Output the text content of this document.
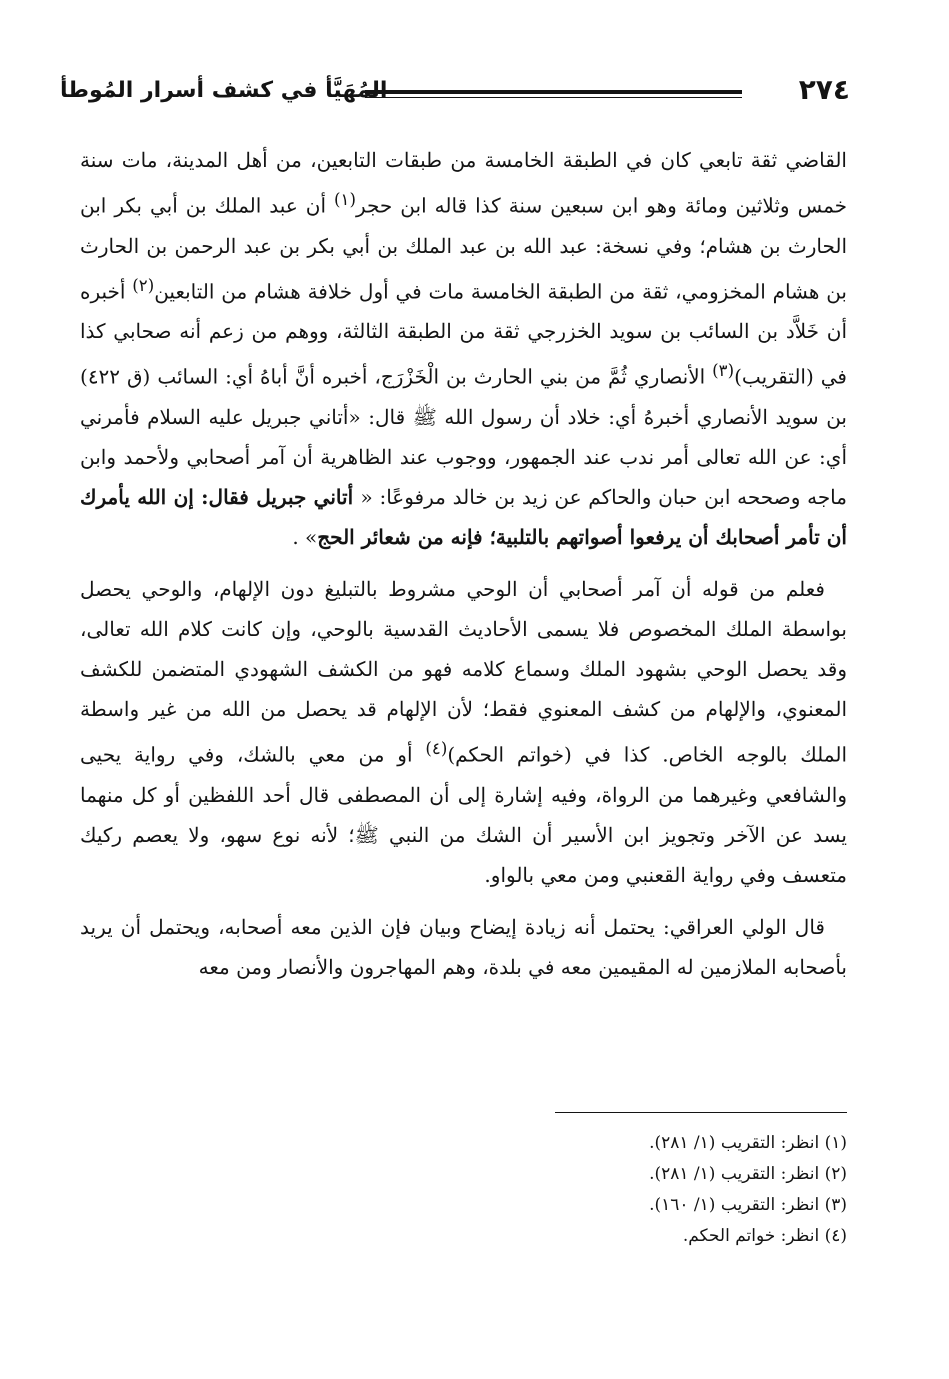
المُهَيَّأ في كشف أسرار المُوطأ	٢٧٤

القاضي ثقة تابعي كان في الطبقة الخامسة من طبقات التابعين، من أهل المدينة، مات سنة خمس وثلاثين ومائة وهو ابن سبعين سنة كذا قاله ابن حجر$^{(١)}$ أن عبد الملك بن أبي بكر ابن الحارث بن هشام؛ وفي نسخة: عبد الله بن عبد الملك بن أبي بكر بن عبد الرحمن بن الحارث بن هشام المخزومي، ثقة من الطبقة الخامسة مات في أول خلافة هشام من التابعين$^{(٢)}$ أخبره أن خَلاَّد بن السائب بن سويد الخزرجي ثقة من الطبقة الثالثة، ووهم من زعم أنه صحابي كذا في (التقريب)$^{(٣)}$ الأنصاري ثُمَّ من بني الحارث بن الْخَزْرَج، أخبره أنَّ أباهُ أي: السائب (ق ٤٢٢) بن سويد الأنصاري أخبرهُ أي: خلاد أن رسول الله ﷺ قال: «أتاني جبريل عليه السلام فأمرني أي: عن الله تعالى أمر ندب عند الجمهور، ووجوب عند الظاهرية أن آمر أصحابي ولأحمد وابن ماجه وصححه ابن حبان والحاكم عن زيد بن خالد مرفوعًا: « أتاني جبريل فقال: إن الله يأمرك أن تأمر أصحابك أن يرفعوا أصواتهم بالتلبية؛ فإنه من شعائر الحج» .

فعلم من قوله أن آمر أصحابي أن الوحي مشروط بالتبليغ دون الإلهام، والوحي يحصل بواسطة الملك المخصوص فلا يسمى الأحاديث القدسية بالوحي، وإن كانت كلام الله تعالى، وقد يحصل الوحي بشهود الملك وسماع كلامه فهو من الكشف الشهودي المتضمن للكشف المعنوي، والإلهام من كشف المعنوي فقط؛ لأن الإلهام قد يحصل من الله من غير واسطة الملك بالوجه الخاص. كذا في (خواتم الحكم)$^{(٤)}$ أو من معي بالشك، وفي رواية يحيى والشافعي وغيرهما من الرواة، وفيه إشارة إلى أن المصطفى قال أحد اللفظين أو كل منهما يسد عن الآخر وتجويز ابن الأسير أن الشك من النبي ﷺ؛ لأنه نوع سهو، ولا يعصم ركيك متعسف وفي رواية القعنبي ومن معي بالواو.

قال الولي العراقي: يحتمل أنه زيادة إيضاح وبيان فإن الذين معه أصحابه، ويحتمل أن يريد بأصحابه الملازمين له المقيمين معه في بلدة، وهم المهاجرون والأنصار ومن معه

(١) انظر: التقريب (١/ ٢٨١).
(٢) انظر: التقريب (١/ ٢٨١).
(٣) انظر: التقريب (١/ ١٦٠).
(٤) انظر: خواتم الحكم.
